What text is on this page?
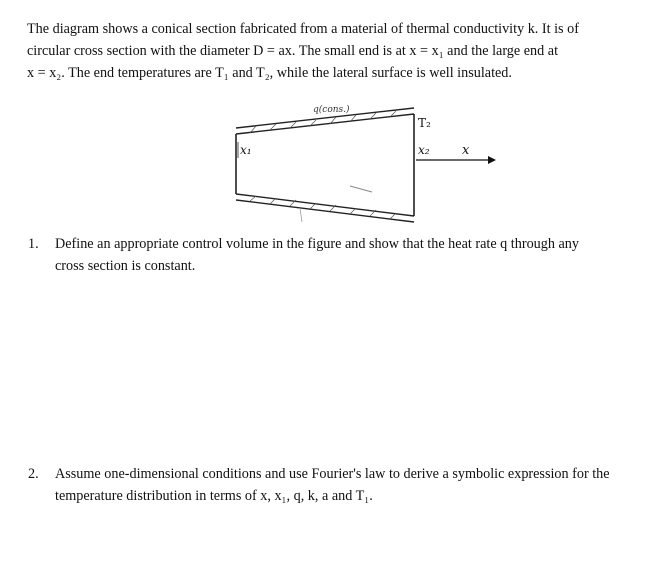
The diagram shows a conical section fabricated from a material of thermal conductivity k. It is of

circular cross section with the diameter D = ax. The small end is at x = x₁ and the large end at

x = x₂. The end temperatures are T₁ and T₂, while the lateral surface is well insulated.

q(cons.)
x₁
T₂
x₂ x
1. Define an appropriate control volume in the figure and show that the heat rate q through any
cross section is constant.
2. Assume one-dimensional conditions and use Fourier's law to derive a symbolic expression for the
temperature distribution in terms of x, x₁, q, k, a and T₁.
